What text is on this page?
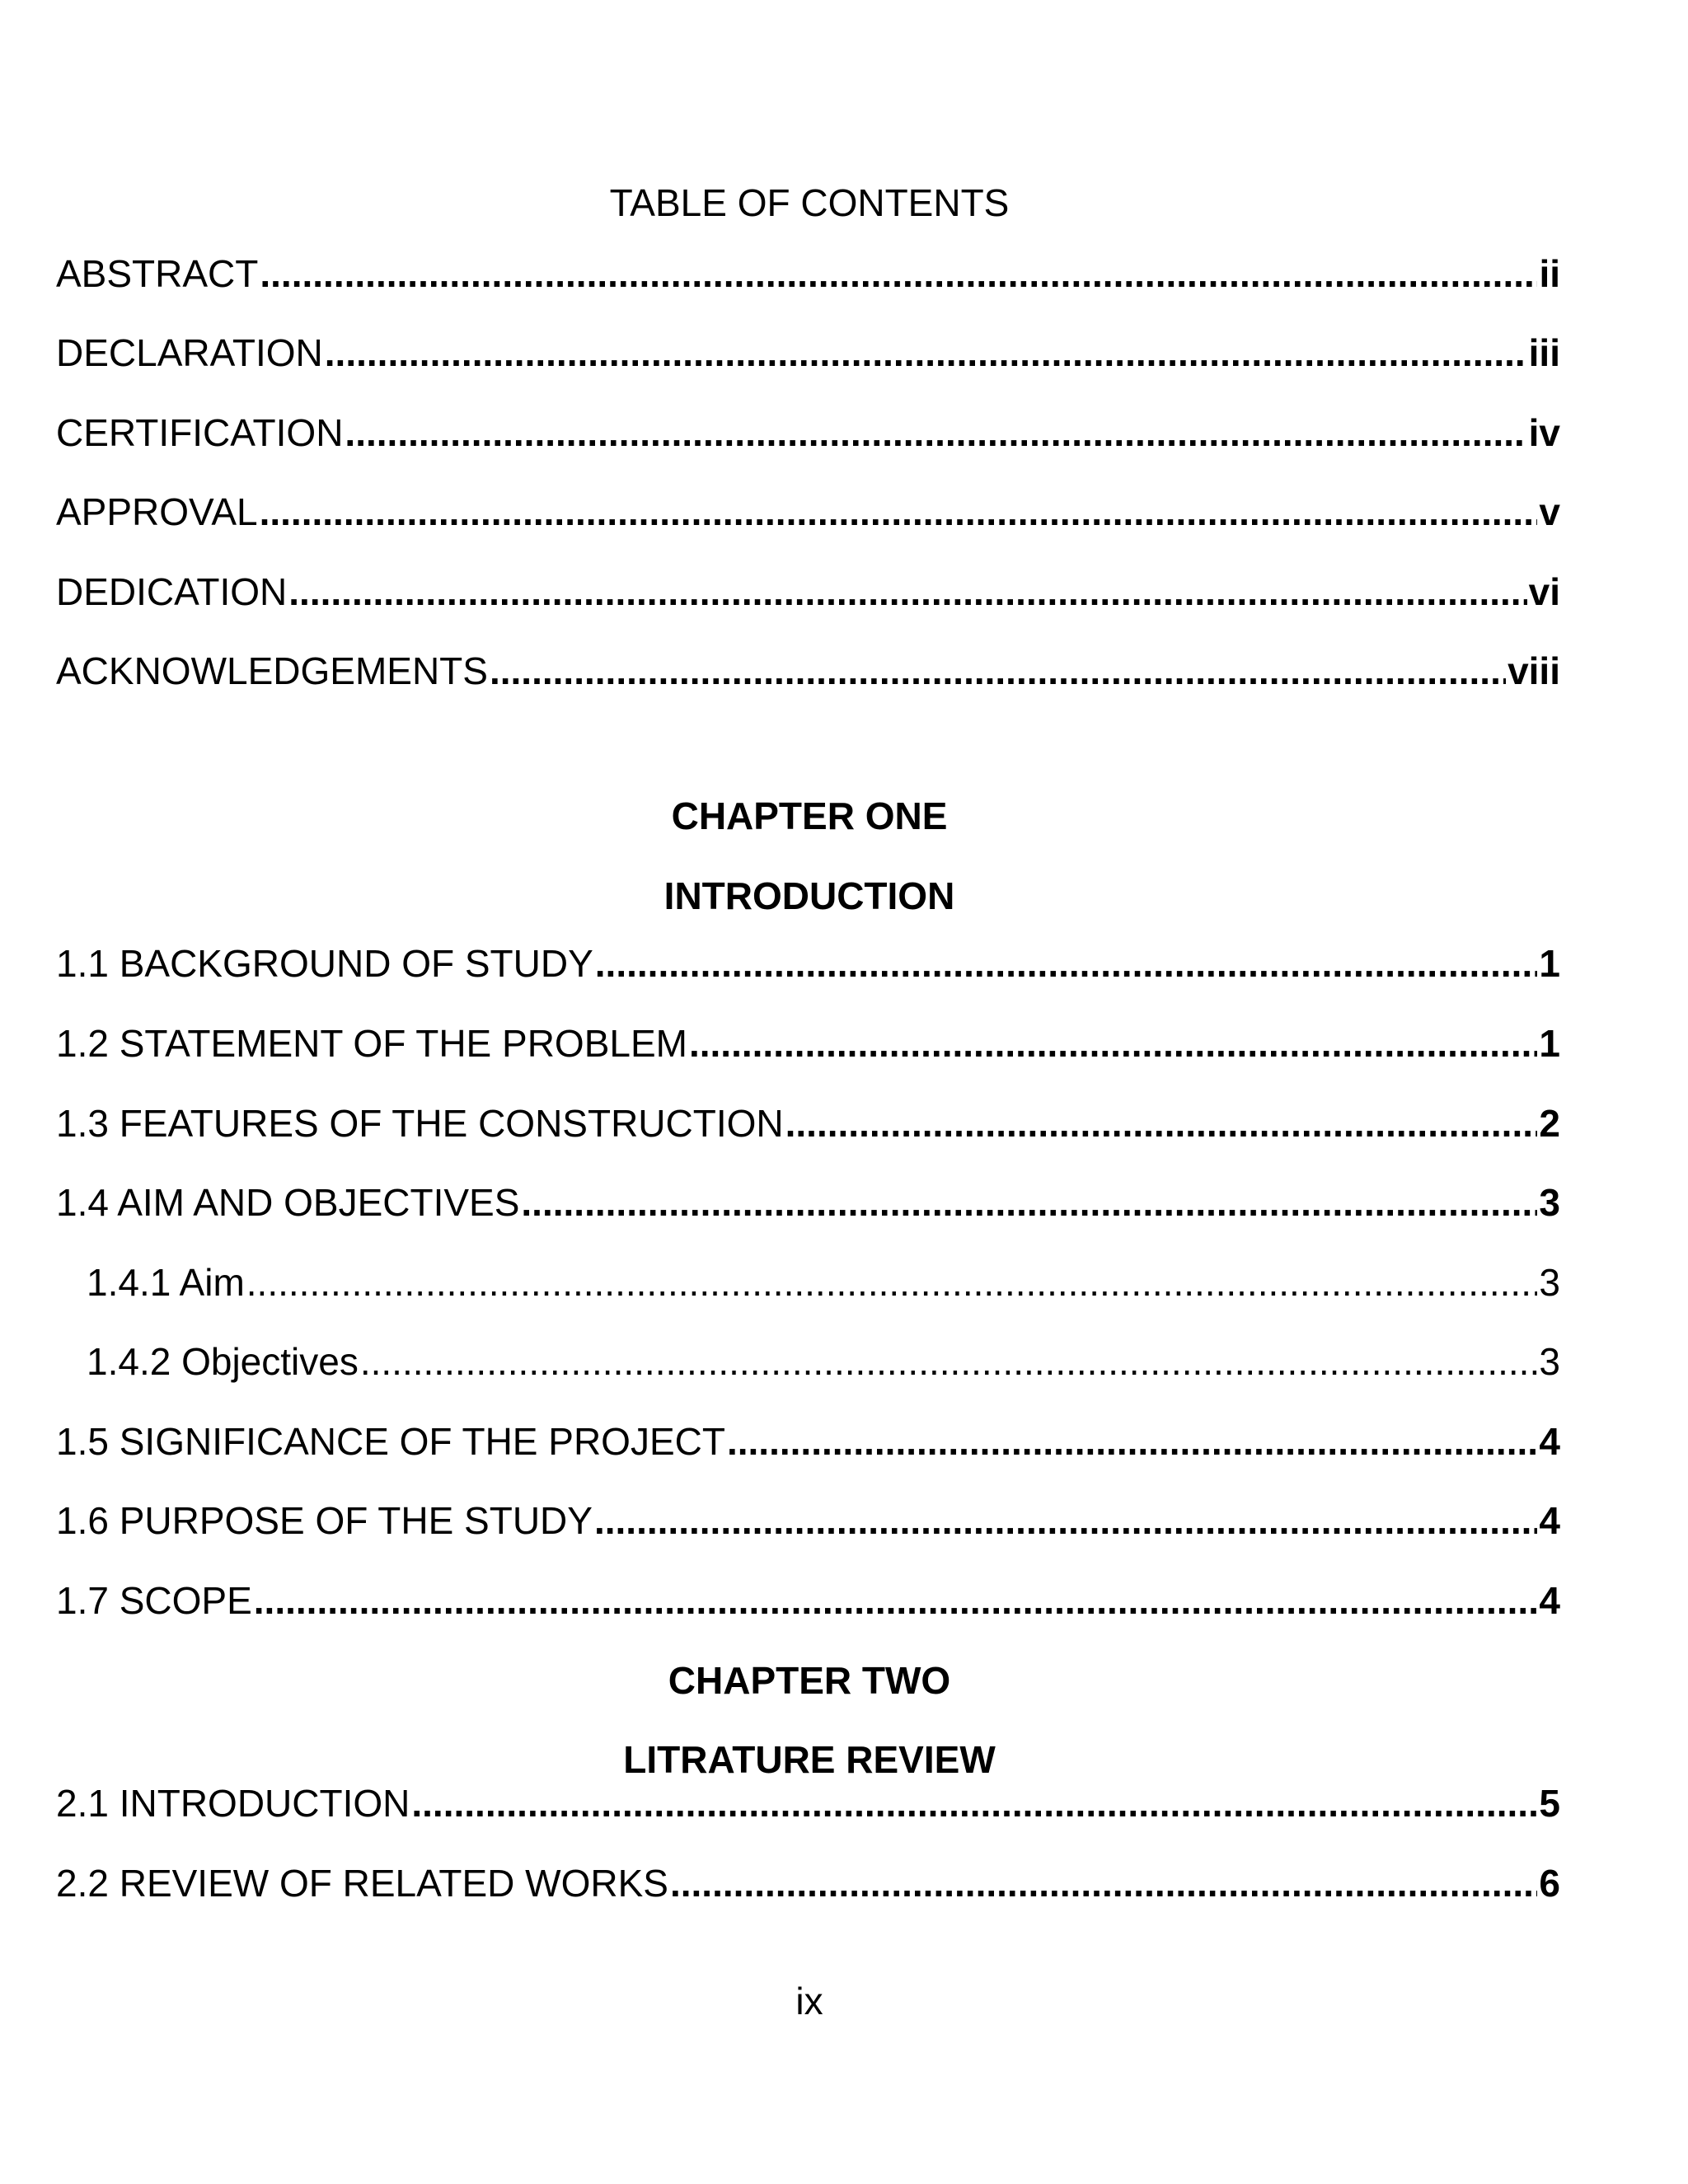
TABLE OF CONTENTS
ABSTRACT .....	ii
DECLARATION .....	iii
CERTIFICATION .....	iv
APPROVAL .....	v
DEDICATION .....	vi
ACKNOWLEDGEMENTS .....	viii
CHAPTER ONE
INTRODUCTION
1.1 BACKGROUND OF STUDY .....	1
1.2 STATEMENT OF THE PROBLEM .....	1
1.3 FEATURES OF THE CONSTRUCTION .....	2
1.4 AIM AND OBJECTIVES .....	3
1.4.1 Aim .....	3
1.4.2 Objectives .....	3
1.5 SIGNIFICANCE OF THE PROJECT .....	4
1.6 PURPOSE OF THE STUDY .....	4
1.7 SCOPE .....	4
CHAPTER TWO
LITRATURE REVIEW
2.1 INTRODUCTION .....	5
2.2 REVIEW OF RELATED WORKS .....	6
ix
